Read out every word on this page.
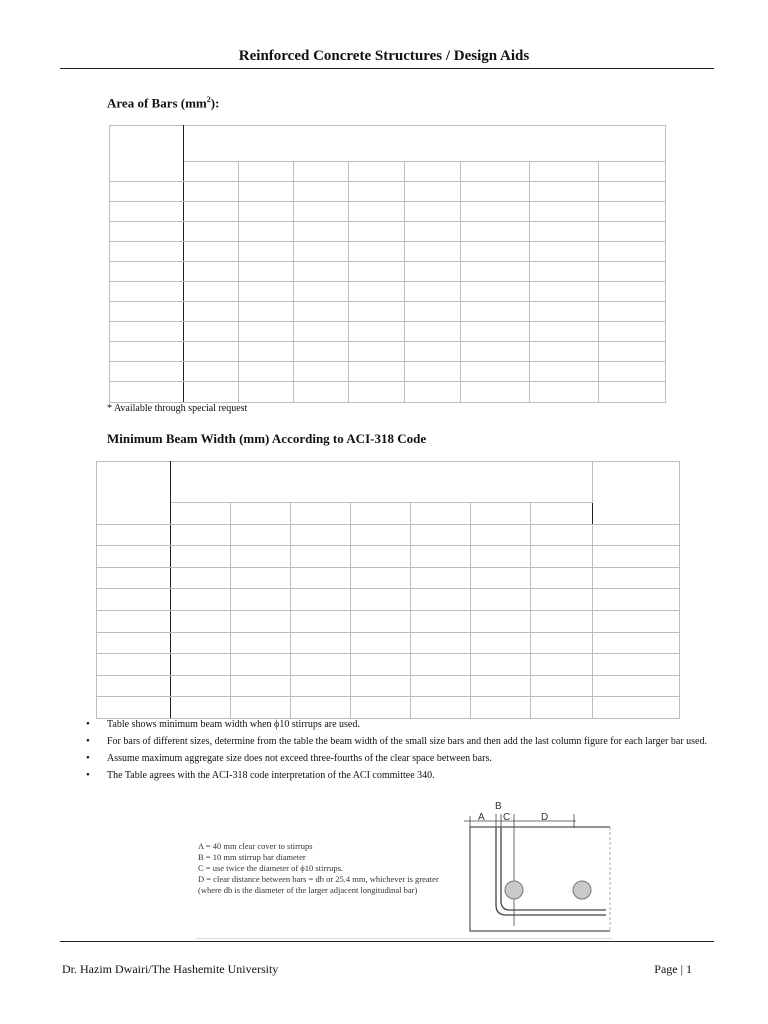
Reinforced Concrete Structures / Design Aids
Area of Bars $(mm^2)$:

* Available through special request
Minimum Beam Width (mm) According to ACI-318 Code

• Table shows minimum beam width when ϕ10 stirrups are used.
• For bars of different sizes, determine from the table the beam width of the small size bars and then add the last column figure for each larger bar used.
• Assume maximum aggregate size does not exceed three-fourths of the clear space between bars.
• The Table agrees with the ACI-318 code interpretation of the ACI committee 340.
A = 40 mm clear cover to stirrups
B = 10 mm stirrup bar diameter
C = use twice the diameter of ϕ10 stirrups.
D = clear distance between bars = db or 25.4 mm, whichever is greater
(where db is the diameter of the larger adjacent longitudinal bar)
A
B
C	D
Dr. Hazim Dwairi/The Hashemite University	Page | 1
